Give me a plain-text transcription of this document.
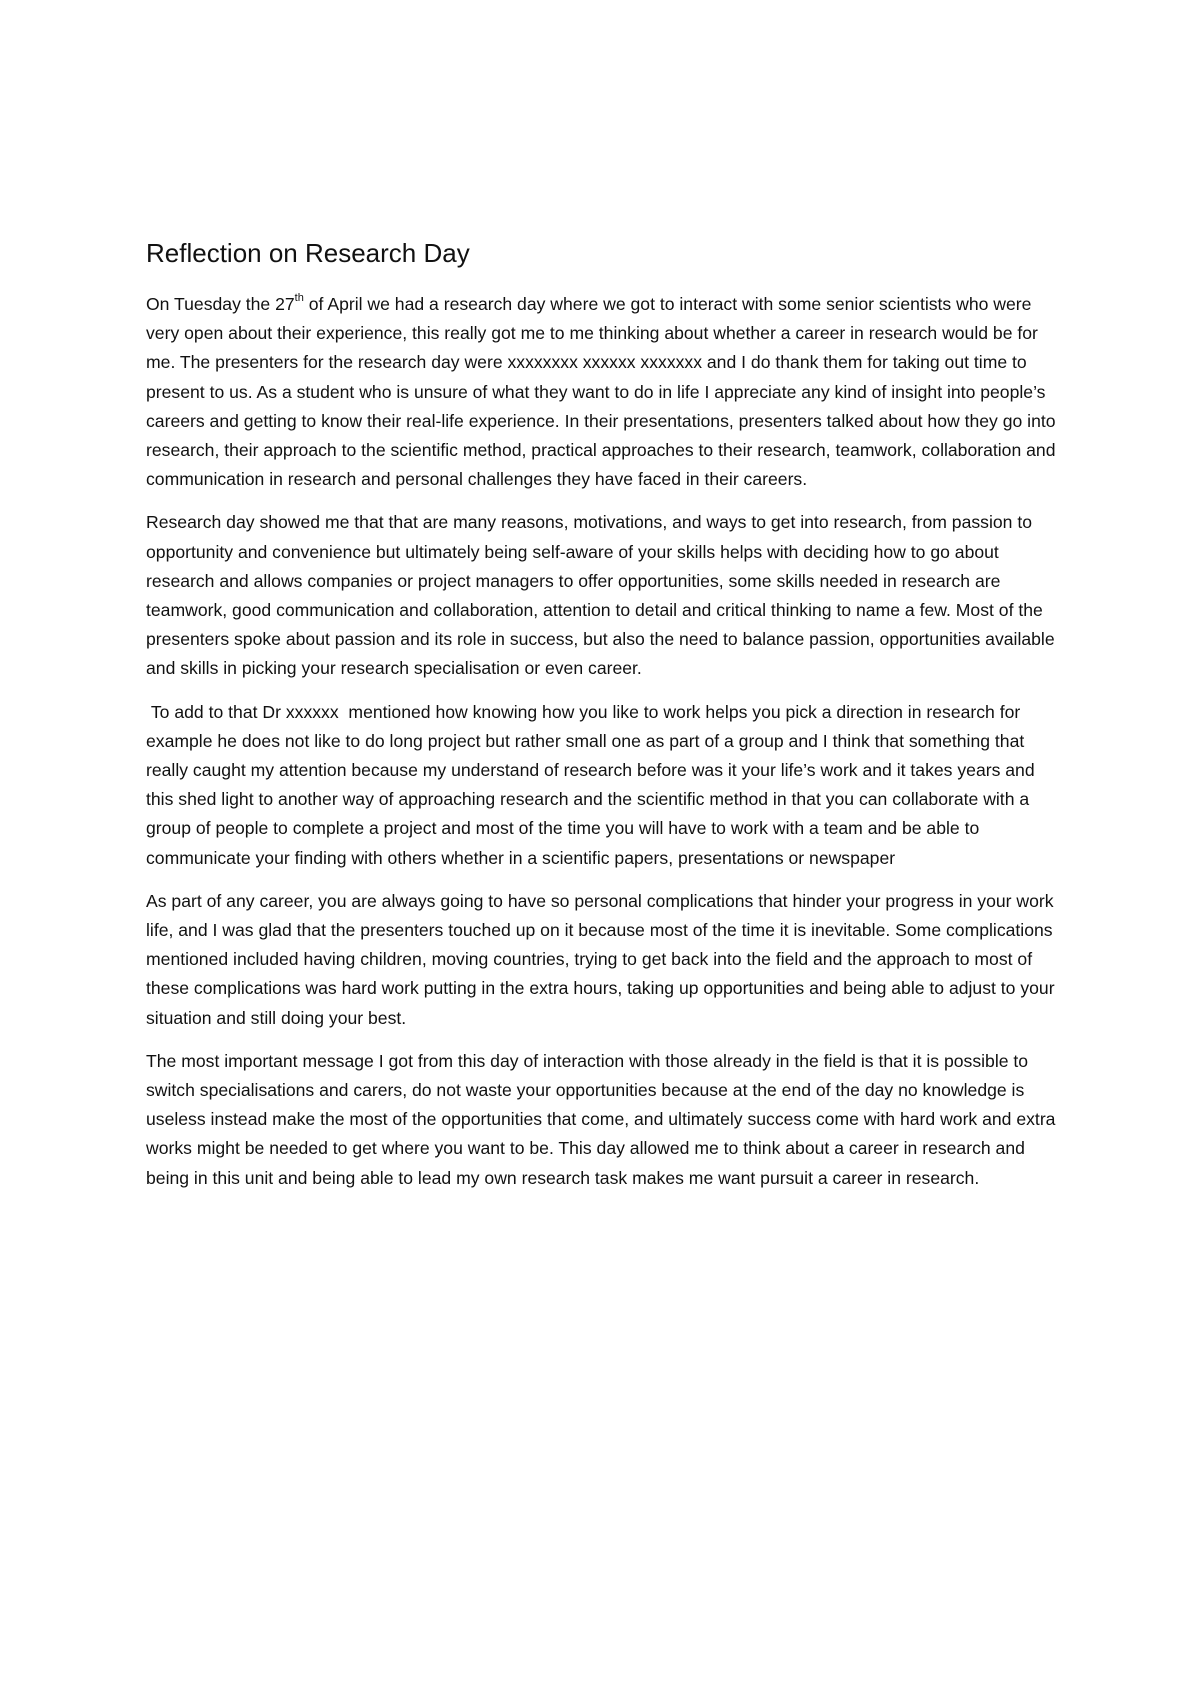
Reflection on Research Day

On Tuesday the 27th of April we had a research day where we got to interact with some senior scientists who were very open about their experience, this really got me to me thinking about whether a career in research would be for me. The presenters for the research day were xxxxxxxx xxxxxx xxxxxxx and I do thank them for taking out time to present to us. As a student who is unsure of what they want to do in life I appreciate any kind of insight into people’s careers and getting to know their real-life experience. In their presentations, presenters talked about how they go into research, their approach to the scientific method, practical approaches to their research, teamwork, collaboration and communication in research and personal challenges they have faced in their careers.

Research day showed me that that are many reasons, motivations, and ways to get into research, from passion to opportunity and convenience but ultimately being self-aware of your skills helps with deciding how to go about research and allows companies or project managers to offer opportunities, some skills needed in research are teamwork, good communication and collaboration, attention to detail and critical thinking to name a few. Most of the presenters spoke about passion and its role in success, but also the need to balance passion, opportunities available and skills in picking your research specialisation or even career.

To add to that Dr xxxxxx  mentioned how knowing how you like to work helps you pick a direction in research for example he does not like to do long project but rather small one as part of a group and I think that something that really caught my attention because my understand of research before was it your life’s work and it takes years and this shed light to another way of approaching research and the scientific method in that you can collaborate with a group of people to complete a project and most of the time you will have to work with a team and be able to communicate your finding with others whether in a scientific papers, presentations or newspaper

As part of any career, you are always going to have so personal complications that hinder your progress in your work life, and I was glad that the presenters touched up on it because most of the time it is inevitable. Some complications mentioned included having children, moving countries, trying to get back into the field and the approach to most of these complications was hard work putting in the extra hours, taking up opportunities and being able to adjust to your situation and still doing your best.

The most important message I got from this day of interaction with those already in the field is that it is possible to switch specialisations and carers, do not waste your opportunities because at the end of the day no knowledge is useless instead make the most of the opportunities that come, and ultimately success come with hard work and extra works might be needed to get where you want to be. This day allowed me to think about a career in research and being in this unit and being able to lead my own research task makes me want pursuit a career in research.
